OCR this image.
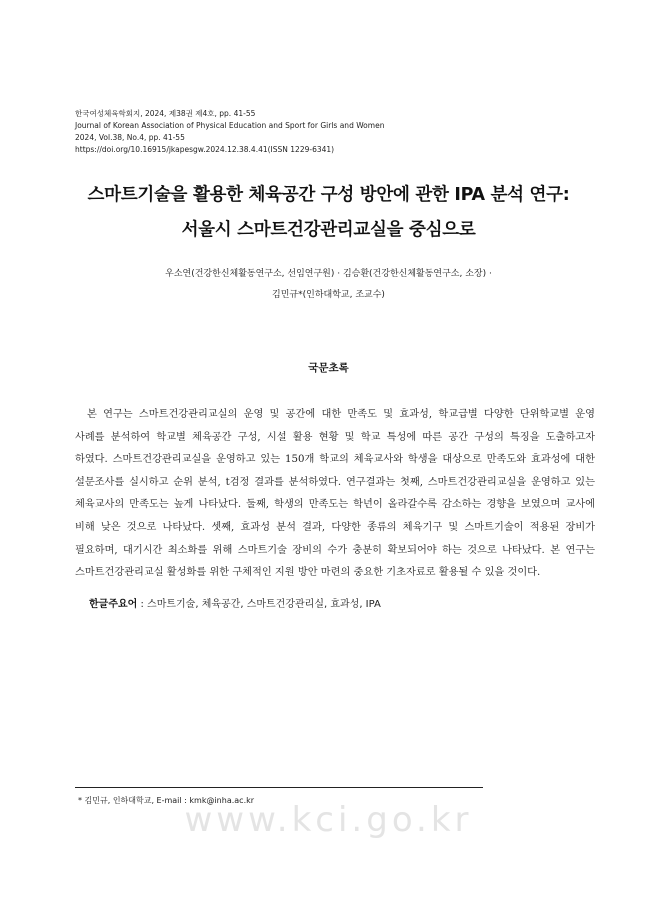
한국여성체육학회지, 2024, 제38권 제4호, pp. 41-55
Journal of Korean Association of Physical Education and Sport for Girls and Women
2024, Vol.38, No.4, pp. 41-55
https://doi.org/10.16915/jkapesgw.2024.12.38.4.41(ISSN 1229-6341)
스마트기술을 활용한 체육공간 구성 방안에 관한 IPA 분석 연구:
서울시 스마트건강관리교실을 중심으로
우소연(건강한신체활동연구소, 선임연구원) · 김승환(건강한신체활동연구소, 소장) ·
김민규*(인하대학교, 조교수)
국문초록
본 연구는 스마트건강관리교실의 운영 및 공간에 대한 만족도 및 효과성, 학교급별 다양한 단위학교별 운영
사례를 분석하여 학교별 체육공간 구성, 시설 활용 현황 및 학교 특성에 따른 공간 구성의 특징을 도출하고자
하였다. 스마트건강관리교실을 운영하고 있는 150개 학교의 체육교사와 학생을 대상으로 만족도와 효과성에 대한
설문조사를 실시하고 순위 분석, t검정 결과를 분석하였다. 연구결과는 첫째, 스마트건강관리교실을 운영하고 있는
체육교사의 만족도는 높게 나타났다. 둘째, 학생의 만족도는 학년이 올라갈수록 감소하는 경향을 보였으며 교사에
비해 낮은 것으로 나타났다. 셋째, 효과성 분석 결과, 다양한 종류의 체육기구 및 스마트기술이 적용된 장비가
필요하며, 대기시간 최소화를 위해 스마트기술 장비의 수가 충분히 확보되어야 하는 것으로 나타났다. 본 연구는
스마트건강관리교실 활성화를 위한 구체적인 지원 방안 마련의 중요한 기초자료로 활용될 수 있을 것이다.
한글주요어 : 스마트기술, 체육공간, 스마트건강관리실, 효과성, IPA
* 김민규, 인하대학교, E-mail : kmk@inha.ac.kr
www.kci.go.kr
